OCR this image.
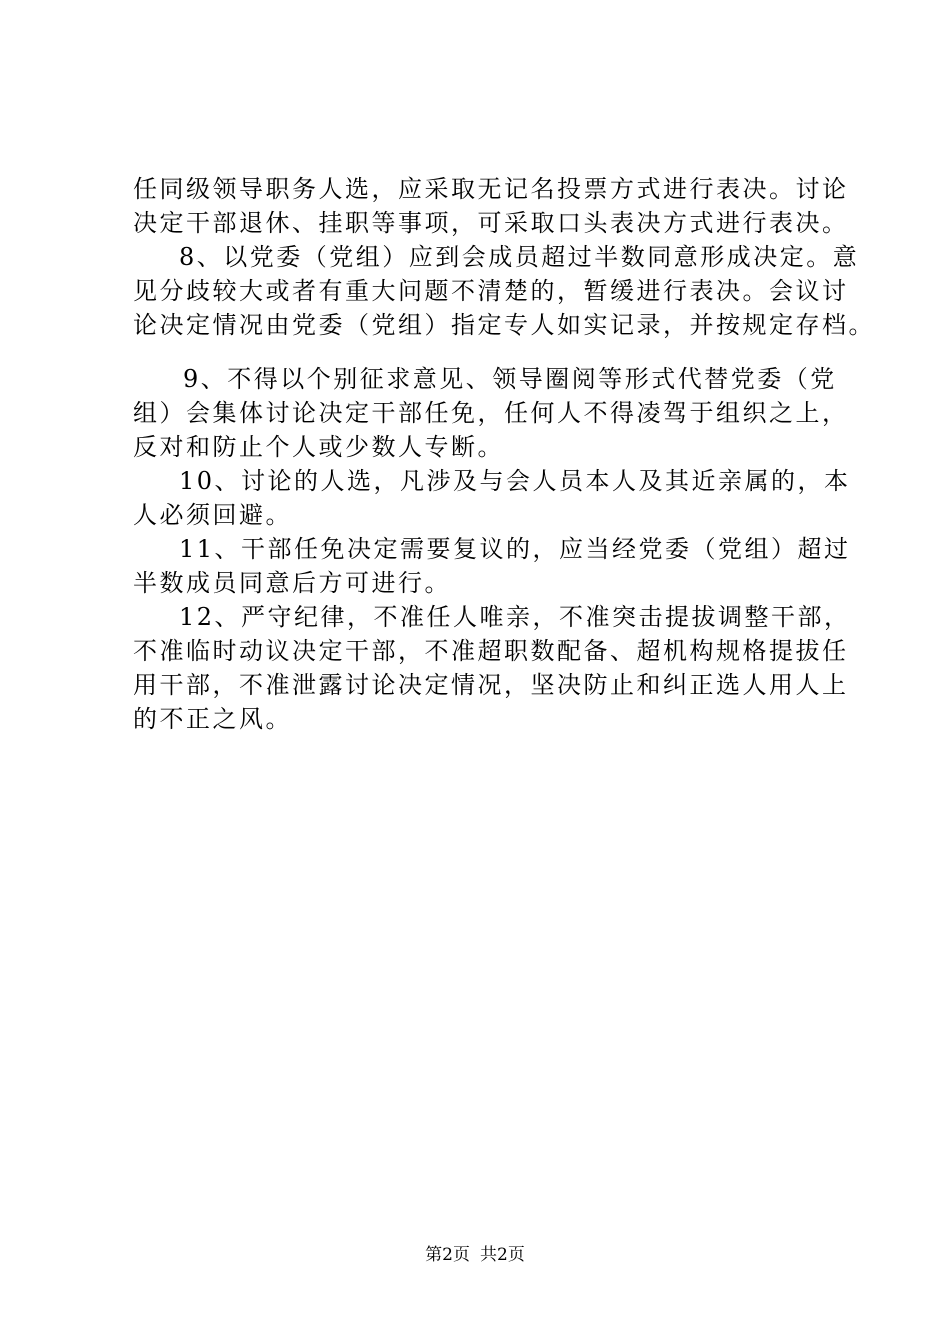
任同级领导职务人选，应采取无记名投票方式进行表决。讨论

决定干部退休、挂职等事项，可采取口头表决方式进行表决。

8、以党委（党组）应到会成员超过半数同意形成决定。意

见分歧较大或者有重大问题不清楚的，暂缓进行表决。会议讨

论决定情况由党委（党组）指定专人如实记录，并按规定存档。

9、不得以个别征求意见、领导圈阅等形式代替党委（党

组）会集体讨论决定干部任免，任何人不得凌驾于组织之上，

反对和防止个人或少数人专断。

10、讨论的人选，凡涉及与会人员本人及其近亲属的，本

人必须回避。

11、干部任免决定需要复议的，应当经党委（党组）超过

半数成员同意后方可进行。

12、严守纪律，不准任人唯亲，不准突击提拔调整干部，

不准临时动议决定干部，不准超职数配备、超机构规格提拔任

用干部，不准泄露讨论决定情况，坚决防止和纠正选人用人上

的不正之风。

第2页 共2页
